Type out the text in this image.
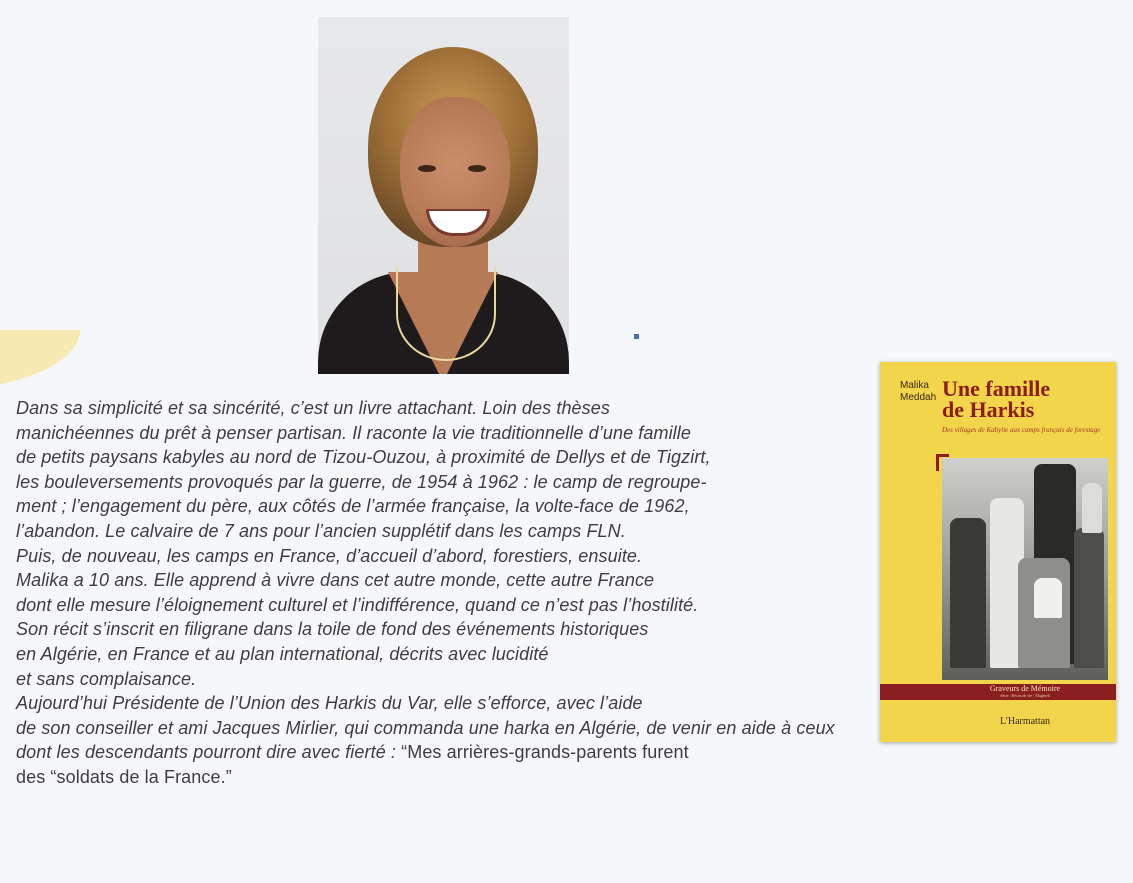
Malika
Meddah Une famille
de Harkis
Des villages de Kabylie aux camps français de forestage
Graveurs de Mémoire
Série : Récits de vie / Maghreb
L'Harmattan
Dans sa simplicité et sa sincérité, c’est un livre attachant. Loin des thèses
manichéennes du prêt à penser partisan. Il raconte la vie traditionnelle d’une famille
de petits paysans kabyles au nord de Tizou-Ouzou, à proximité de Dellys et de Tigzirt,
les bouleversements provoqués par la guerre, de 1954 à 1962 : le camp de regroupe-
ment ; l’engagement du père, aux côtés de l’armée française, la volte-face de 1962,
l’abandon. Le calvaire de 7 ans pour l’ancien supplétif dans les camps FLN.
Puis, de nouveau, les camps en France, d’accueil d’abord, forestiers, ensuite.
Malika a 10 ans. Elle apprend à vivre dans cet autre monde, cette autre France
dont elle mesure l’éloignement culturel et l’indifférence, quand ce n’est pas l’hostilité.
Son récit s’inscrit en filigrane dans la toile de fond des événements historiques
en Algérie, en France et au plan international, décrits avec lucidité
et sans complaisance.
Aujourd’hui Présidente de l’Union des Harkis du Var, elle s’efforce, avec l’aide
de son conseiller et ami Jacques Mirlier, qui commanda une harka en Algérie, de venir en aide à ceux
dont les descendants pourront dire avec fierté : “Mes arrières-grands-parents furent
des “soldats de la France.”
